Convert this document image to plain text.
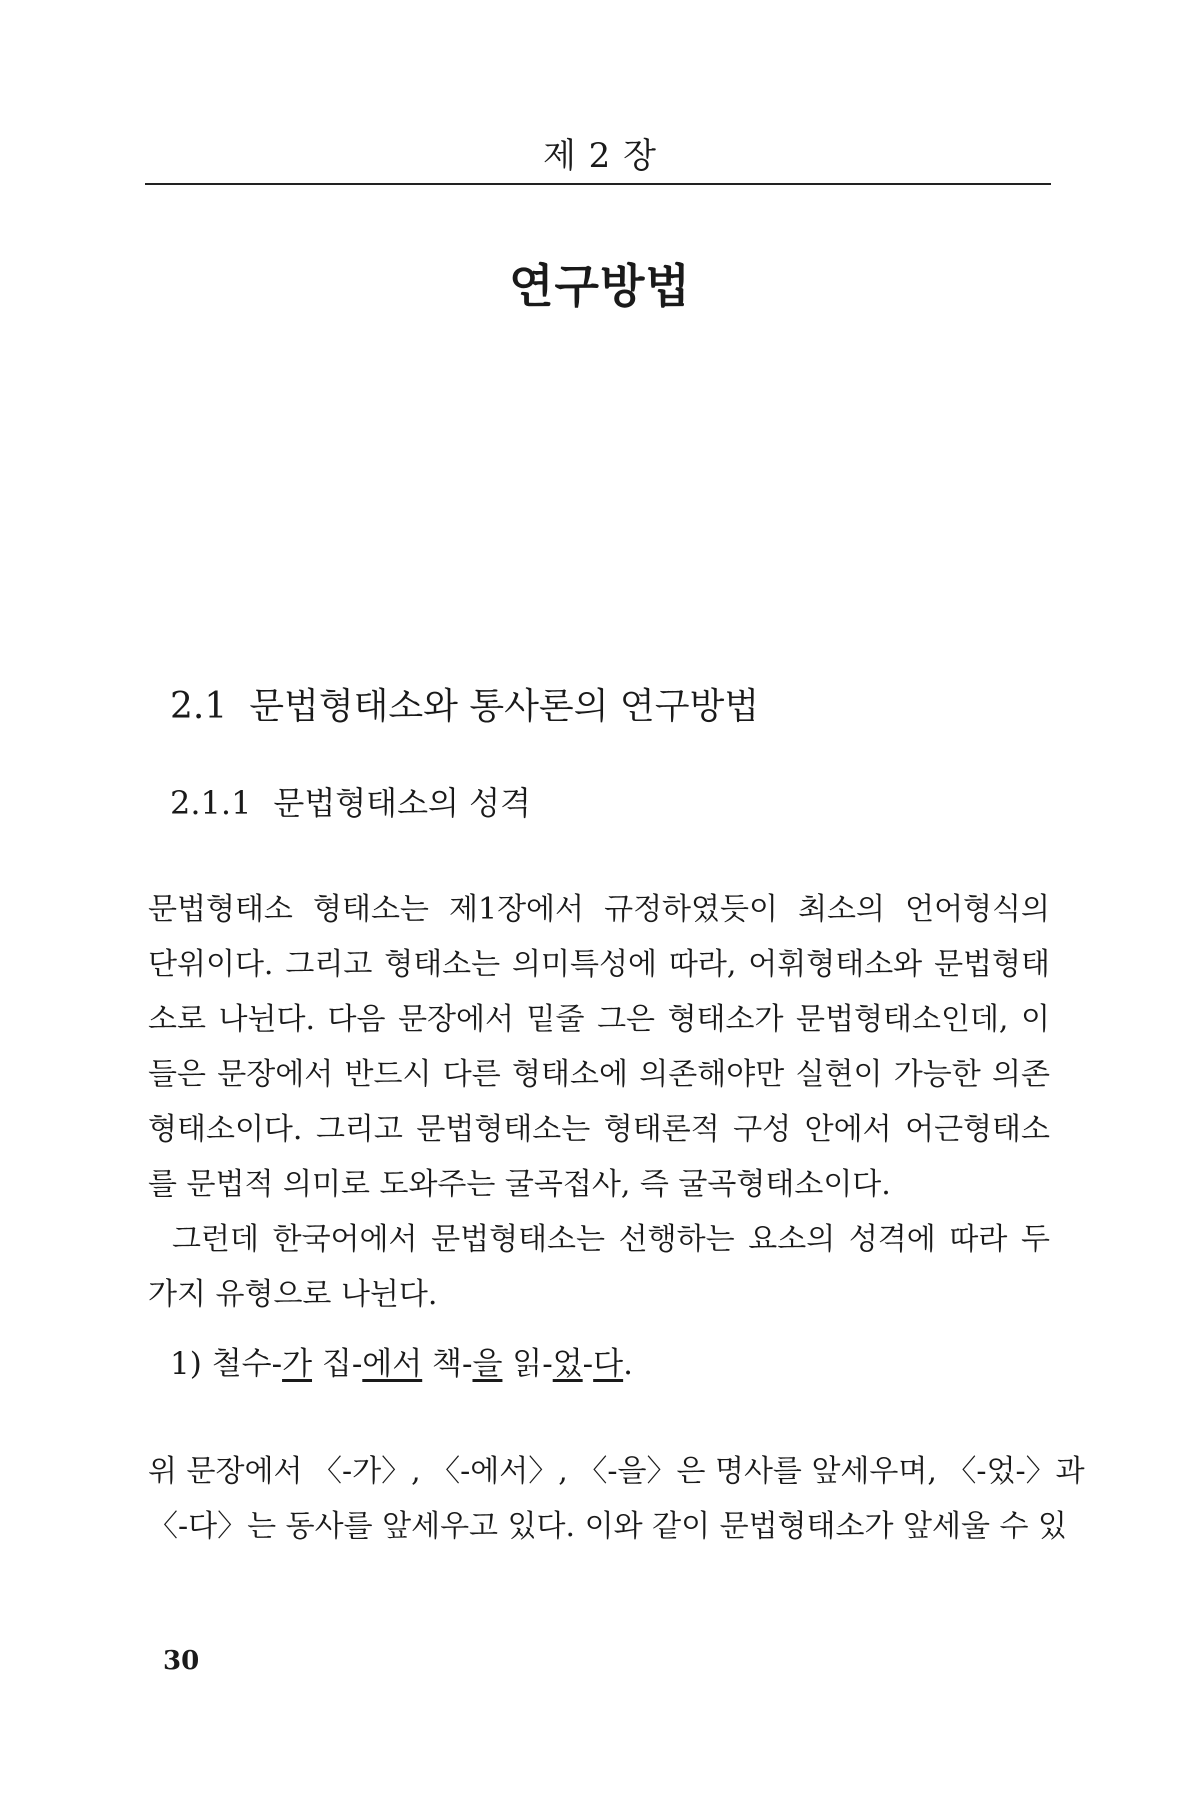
제 2 장
연구방법
2.1 문법형태소와 통사론의 연구방법
2.1.1 문법형태소의 성격
문법형태소 형태소는 제1장에서 규정하였듯이 최소의 언어형식의
단위이다. 그리고 형태소는 의미특성에 따라, 어휘형태소와 문법형태
소로 나뉜다. 다음 문장에서 밑줄 그은 형태소가 문법형태소인데, 이
들은 문장에서 반드시 다른 형태소에 의존해야만 실현이 가능한 의존
형태소이다. 그리고 문법형태소는 형태론적 구성 안에서 어근형태소
를 문법적 의미로 도와주는 굴곡접사, 즉 굴곡형태소이다.
그런데 한국어에서 문법형태소는 선행하는 요소의 성격에 따라 두
가지 유형으로 나뉜다.
1) 철수-가 집-에서 책-을 읽-었-다.
위 문장에서 〈-가〉, 〈-에서〉, 〈-을〉은 명사를 앞세우며, 〈-었-〉과
〈-다〉는 동사를 앞세우고 있다. 이와 같이 문법형태소가 앞세울 수 있
30
